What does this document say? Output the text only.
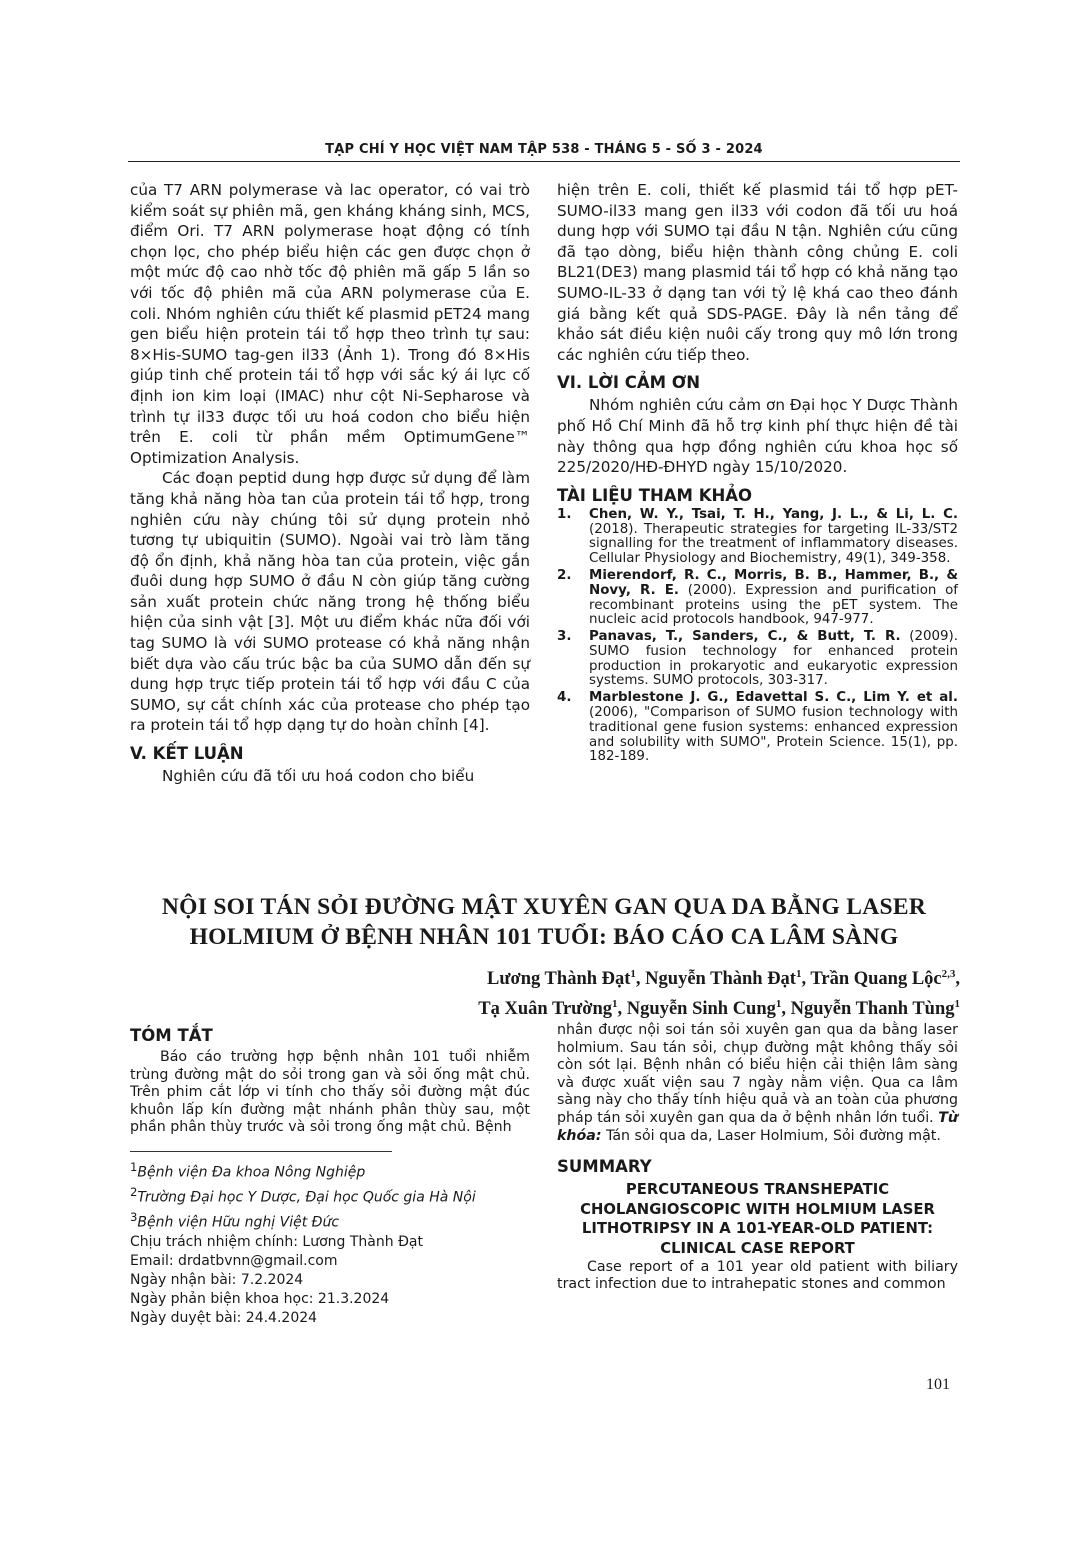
TẠP CHÍ Y HỌC VIỆT NAM TẬP 538 - THÁNG 5 - SỐ 3 - 2024

của T7 ARN polymerase và lac operator, có vai trò kiểm soát sự phiên mã, gen kháng kháng sinh, MCS, điểm Ori. T7 ARN polymerase hoạt động có tính chọn lọc, cho phép biểu hiện các gen được chọn ở một mức độ cao nhờ tốc độ phiên mã gấp 5 lần so với tốc độ phiên mã của ARN polymerase của E. coli. Nhóm nghiên cứu thiết kế plasmid pET24 mang gen biểu hiện protein tái tổ hợp theo trình tự sau: 8×His-SUMO tag-gen il33 (Ảnh 1). Trong đó 8×His giúp tinh chế protein tái tổ hợp với sắc ký ái lực cố định ion kim loại (IMAC) như cột Ni-Sepharose và trình tự il33 được tối ưu hoá codon cho biểu hiện trên E. coli từ phần mềm OptimumGene™ Optimization Analysis.

Các đoạn peptid dung hợp được sử dụng để làm tăng khả năng hòa tan của protein tái tổ hợp, trong nghiên cứu này chúng tôi sử dụng protein nhỏ tương tự ubiquitin (SUMO). Ngoài vai trò làm tăng độ ổn định, khả năng hòa tan của protein, việc gắn đuôi dung hợp SUMO ở đầu N còn giúp tăng cường sản xuất protein chức năng trong hệ thống biểu hiện của sinh vật [3]. Một ưu điểm khác nữa đối với tag SUMO là với SUMO protease có khả năng nhận biết dựa vào cấu trúc bậc ba của SUMO dẫn đến sự dung hợp trực tiếp protein tái tổ hợp với đầu C của SUMO, sự cắt chính xác của protease cho phép tạo ra protein tái tổ hợp dạng tự do hoàn chỉnh [4].

V. KẾT LUẬN

Nghiên cứu đã tối ưu hoá codon cho biểu

hiện trên E. coli, thiết kế plasmid tái tổ hợp pET-SUMO-il33 mang gen il33 với codon đã tối ưu hoá dung hợp với SUMO tại đầu N tận. Nghiên cứu cũng đã tạo dòng, biểu hiện thành công chủng E. coli BL21(DE3) mang plasmid tái tổ hợp có khả năng tạo SUMO-IL-33 ở dạng tan với tỷ lệ khá cao theo đánh giá bằng kết quả SDS-PAGE. Đây là nền tảng để khảo sát điều kiện nuôi cấy trong quy mô lớn trong các nghiên cứu tiếp theo.

VI. LỜI CẢM ƠN

Nhóm nghiên cứu cảm ơn Đại học Y Dược Thành phố Hồ Chí Minh đã hỗ trợ kinh phí thực hiện đề tài này thông qua hợp đồng nghiên cứu khoa học số 225/2020/HĐ-ĐHYD ngày 15/10/2020.

TÀI LIỆU THAM KHẢO
1.	Chen, W. Y., Tsai, T. H., Yang, J. L., & Li, L. C. (2018). Therapeutic strategies for targeting IL-33/ST2 signalling for the treatment of inflammatory diseases. Cellular Physiology and Biochemistry, 49(1), 349-358.
2.	Mierendorf, R. C., Morris, B. B., Hammer, B., & Novy, R. E. (2000). Expression and purification of recombinant proteins using the pET system. The nucleic acid protocols handbook, 947-977.
3.	Panavas, T., Sanders, C., & Butt, T. R. (2009). SUMO fusion technology for enhanced protein production in prokaryotic and eukaryotic expression systems. SUMO protocols, 303-317.
4.	Marblestone J. G., Edavettal S. C., Lim Y. et al. (2006), "Comparison of SUMO fusion technology with traditional gene fusion systems: enhanced expression and solubility with SUMO", Protein Science. 15(1), pp. 182-189.
NỘI SOI TÁN SỎI ĐƯỜNG MẬT XUYÊN GAN QUA DA BẰNG LASER
HOLMIUM Ở BỆNH NHÂN 101 TUỔI: BÁO CÁO CA LÂM SÀNG
Lương Thành Đạt$^1$, Nguyễn Thành Đạt$^1$, Trần Quang Lộc$^{2,3}$,
Tạ Xuân Trường$^1$, Nguyễn Sinh Cung$^1$, Nguyễn Thanh Tùng$^1$
TÓM TẮT

Báo cáo trường hợp bệnh nhân 101 tuổi nhiễm trùng đường mật do sỏi trong gan và sỏi ống mật chủ. Trên phim cắt lớp vi tính cho thấy sỏi đường mật đúc khuôn lấp kín đường mật nhánh phân thùy sau, một phần phân thùy trước và sỏi trong ống mật chủ. Bệnh

$^1$Bệnh viện Đa khoa Nông Nghiệp

$^2$Trường Đại học Y Dược, Đại học Quốc gia Hà Nội

$^3$Bệnh viện Hữu nghị Việt Đức

Chịu trách nhiệm chính: Lương Thành Đạt

Email: drdatbvnn@gmail.com

Ngày nhận bài: 7.2.2024

Ngày phản biện khoa học: 21.3.2024

Ngày duyệt bài: 24.4.2024

nhân được nội soi tán sỏi xuyên gan qua da bằng laser holmium. Sau tán sỏi, chụp đường mật không thấy sỏi còn sót lại. Bệnh nhân có biểu hiện cải thiện lâm sàng và được xuất viện sau 7 ngày nằm viện. Qua ca lâm sàng này cho thấy tính hiệu quả và an toàn của phương pháp tán sỏi xuyên gan qua da ở bệnh nhân lớn tuổi. Từ khóa: Tán sỏi qua da, Laser Holmium, Sỏi đường mật.

SUMMARY
PERCUTANEOUS TRANSHEPATIC CHOLANGIOSCOPIC WITH HOLMIUM LASER LITHOTRIPSY IN A 101-YEAR-OLD PATIENT: CLINICAL CASE REPORT

Case report of a 101 year old patient with biliary tract infection due to intrahepatic stones and common

101
